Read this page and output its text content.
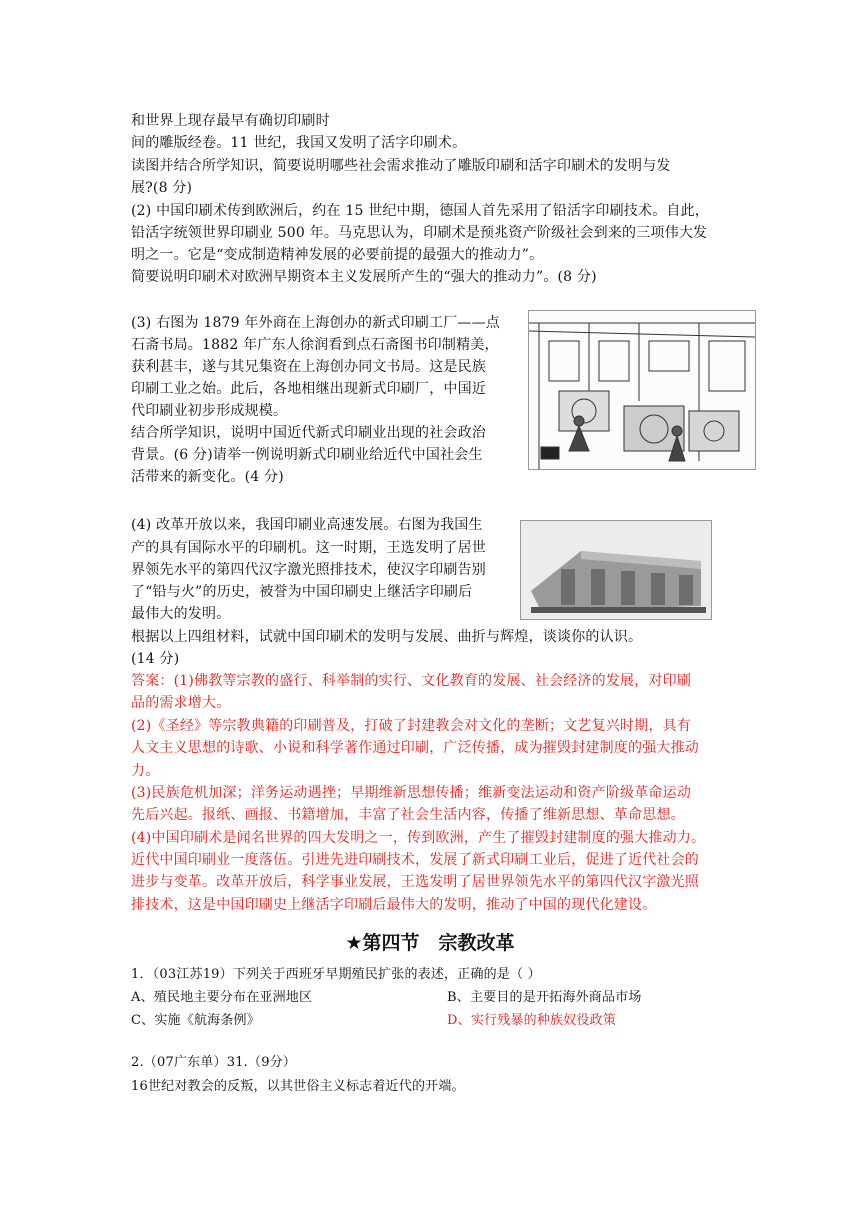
和世界上现存最早有确切印刷时
间的雕版经卷。11 世纪，我国又发明了活字印刷术。
读图并结合所学知识，简要说明哪些社会需求推动了雕版印刷和活字印刷术的发明与发
展?(8 分)
(2) 中国印刷术传到欧洲后，约在 15 世纪中期，德国人首先采用了铅活字印刷技术。自此，
铅活字统领世界印刷业 500 年。马克思认为，印刷术是预兆资产阶级社会到来的三项伟大发
明之一。它是“变成制造精神发展的必要前提的最强大的推动力”。
简要说明印刷术对欧洲早期资本主义发展所产生的“强大的推动力”。(8 分)
(3) 右图为 1879 年外商在上海创办的新式印刷工厂——点
石斋书局。1882 年广东人徐润看到点石斋图书印制精美，
获利甚丰，遂与其兄集资在上海创办同文书局。这是民族
印刷工业之始。此后，各地相继出现新式印刷厂，中国近
代印刷业初步形成规模。
结合所学知识，说明中国近代新式印刷业出现的社会政治
背景。(6 分)请举一例说明新式印刷业给近代中国社会生
活带来的新变化。(4 分)
(4) 改革开放以来，我国印刷业高速发展。右图为我国生
产的具有国际水平的印刷机。这一时期，王选发明了居世
界领先水平的第四代汉字激光照排技术，使汉字印刷告别
了“铅与火”的历史，被誉为中国印刷史上继活字印刷后
最伟大的发明。
根据以上四组材料，试就中国印刷术的发明与发展、曲折与辉煌，谈谈你的认识。
(14 分)
答案：(1)佛教等宗教的盛行、科举制的实行、文化教育的发展、社会经济的发展，对印刷
品的需求增大。
(2)《圣经》等宗教典籍的印刷普及，打破了封建教会对文化的垄断；文艺复兴时期，具有
人文主义思想的诗歌、小说和科学著作通过印刷，广泛传播，成为摧毁封建制度的强大推动
力。
(3)民族危机加深；洋务运动遇挫；早期维新思想传播；维新变法运动和资产阶级革命运动
先后兴起。报纸、画报、书籍增加，丰富了社会生活内容，传播了维新思想、革命思想。
(4)中国印刷术是闻名世界的四大发明之一，传到欧洲，产生了摧毁封建制度的强大推动力。
近代中国印刷业一度落伍。引进先进印刷技术，发展了新式印刷工业后，促进了近代社会的
进步与变革。改革开放后，科学事业发展，王选发明了居世界领先水平的第四代汉字激光照
排技术，这是中国印刷史上继活字印刷后最伟大的发明，推动了中国的现代化建设。
★第四节　宗教改革
1．（03江苏19）下列关于西班牙早期殖民扩张的表述，正确的是（ ）
A、殖民地主要分布在亚洲地区	B、主要目的是开拓海外商品市场
C、实施《航海条例》	D、实行残暴的种族奴役政策
2.（07广东单）31.（9分）
16世纪对教会的反叛，以其世俗主义标志着近代的开端。
